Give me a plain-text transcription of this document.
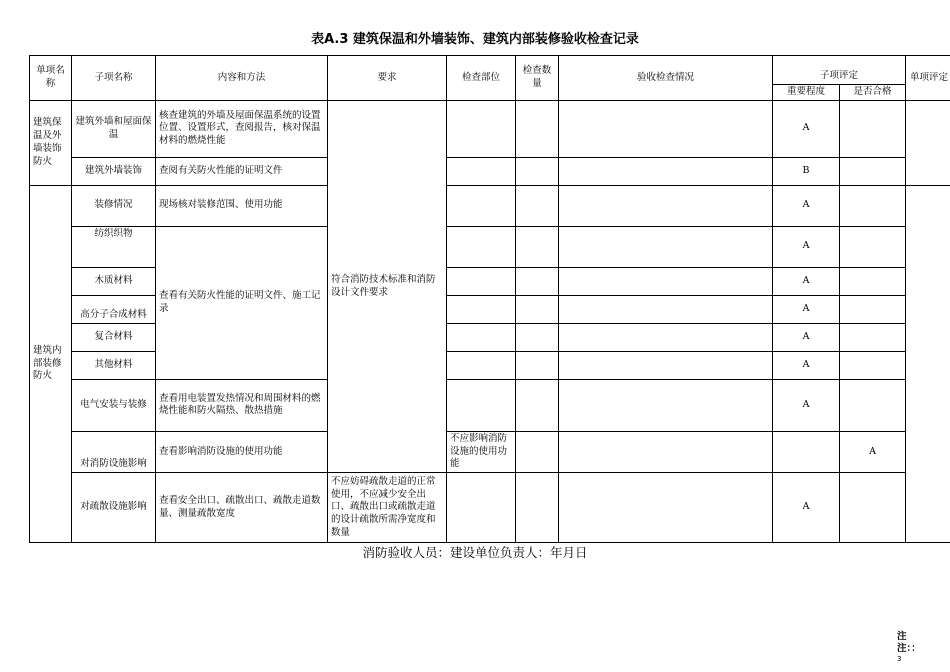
表A.3 建筑保温和外墙装饰、建筑内部装修验收检查记录
单项名称	子项名称	内容和方法	要求	检查部位	检查数量	验收检查情况	子项评定		单项评定	
							重要程度	是否合格		
建筑保温及外墙装饰防火	建筑外墙和屋面保温	核查建筑的外墙及屋面保温系统的设置位置、设置形式，查阅报告，核对保温材料的燃烧性能	符合消防技术标准和消防设计文件要求				A			
	建筑外墙装饰	查阅有关防火性能的证明文件					B			
建筑内部装修防火	装修情况	现场核对装修范围、使用功能					A			
	纺织织物	查看有关防火性能的证明文件、施工记录					A			
	木质材料						A			
	高分子合成材料						A			
	复合材料						A			
	其他材料						A			
	电气安装与装修	查看用电装置发热情况和周围材料的燃烧性能和防火隔热、散热措施					A			
	对消防设施影响	查看影响消防设施的使用功能		不应影响消防设施的使用功能				A		
	对疏散设施影响	查看安全出口、疏散出口、疏散走道数量、测量疏散宽度	不应妨碍疏散走道的正常使用，不应减少安全出口、疏散出口或疏散走道的设计疏散所需净宽度和数量				A			
消防验收人员：建设单位负责人：年月日
注注：：
3
